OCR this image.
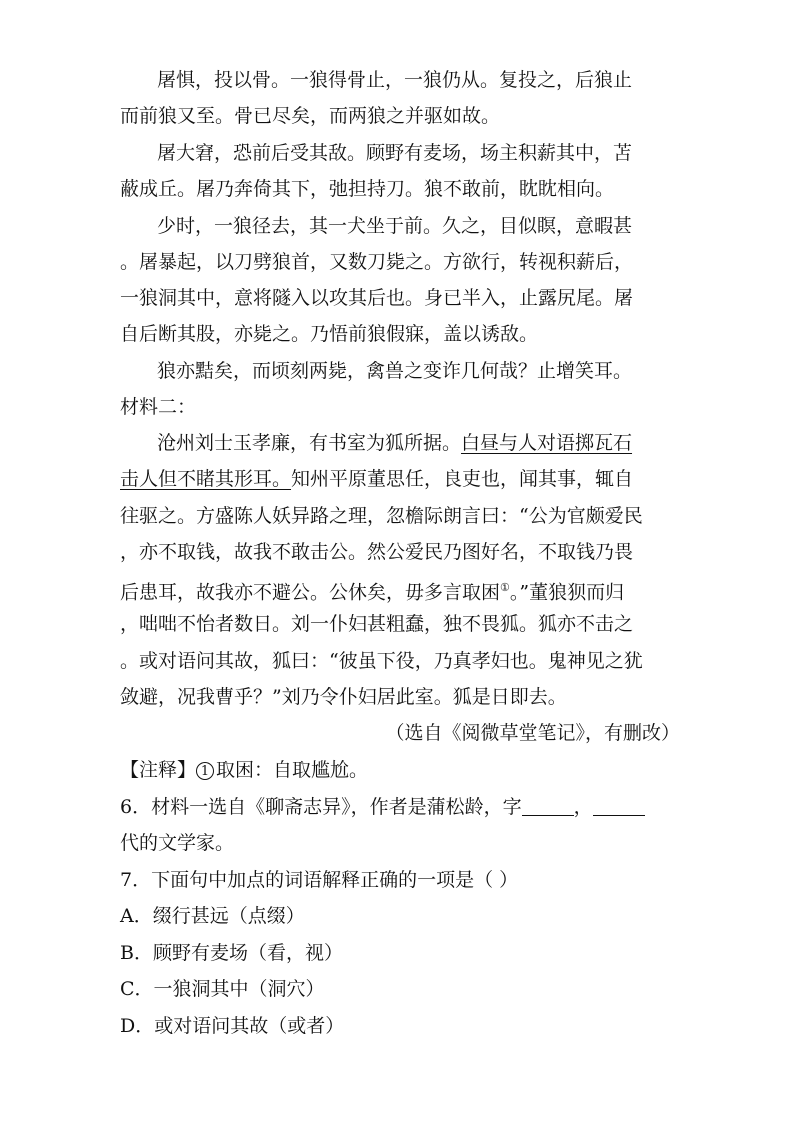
屠惧，投以骨。一狼得骨止，一狼仍从。复投之，后狼止
而前狼又至。骨已尽矣，而两狼之并驱如故。
屠大窘，恐前后受其敌。顾野有麦场，场主积薪其中，苫
蔽成丘。屠乃奔倚其下，弛担持刀。狼不敢前，眈眈相向。
少时，一狼径去，其一犬坐于前。久之，目似瞑，意暇甚
。屠暴起，以刀劈狼首，又数刀毙之。方欲行，转视积薪后，
一狼洞其中，意将隧入以攻其后也。身已半入，止露尻尾。屠
自后断其股，亦毙之。乃悟前狼假寐，盖以诱敌。
狼亦黠矣，而顷刻两毙，禽兽之变诈几何哉？止增笑耳。
材料二：
沧州刘士玉孝廉，有书室为狐所据。白昼与人对语掷瓦石
击人但不睹其形耳。知州平原董思任，良吏也，闻其事，辄自
往驱之。方盛陈人妖异路之理，忽檐际朗言曰：“公为官颇爱民
，亦不取钱，故我不敢击公。然公爱民乃图好名，不取钱乃畏
后患耳，故我亦不避公。公休矣，毋多言取困①。”董狼狈而归
，咄咄不怡者数日。刘一仆妇甚粗蠢，独不畏狐。狐亦不击之
。或对语问其故，狐曰：“彼虽下役，乃真孝妇也。鬼神见之犹
敛避，况我曹乎？”刘乃令仆妇居此室。狐是日即去。
（选自《阅微草堂笔记》，有删改）
【注释】 1 取困：自取尴尬。
6．材料一选自《聊斋志异》，作者是蒲松龄，字	，
代的文学家。
7．下面句中加点的词语解释正确的一项是（ ）
A．缀行甚远（点缀）
B．顾野有麦场（看，视）
C．一狼洞其中（洞穴）
D．或对语问其故（或者）
